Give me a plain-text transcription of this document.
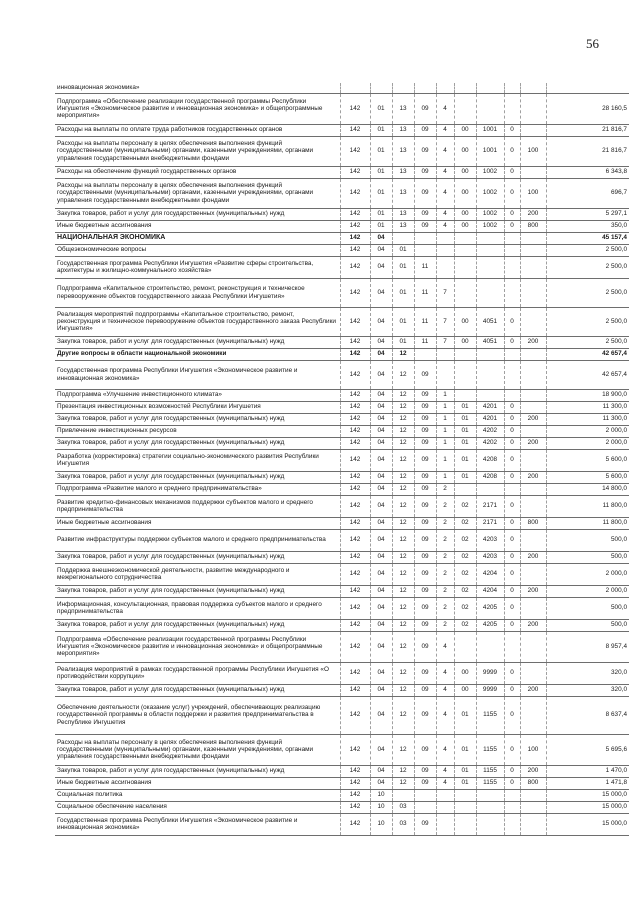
56
инновационная экономика»										
Подпрограмма «Обеспечение реализации государственной программы Республики Ингушетия «Экономическое развитие и инновационная экономика» и общепрограммные мероприятия»	142	01	13	09	4					28 160,5
Расходы на выплаты по оплате труда работников государственных органов	142	01	13	09	4	00	1001	0		21 816,7
Расходы на выплаты персоналу в целях обеспечения выполнения функций государственными (муниципальными) органами, казенными учреждениями, органами управления государственными внебюджетными фондами	142	01	13	09	4	00	1001	0	100	21 816,7
Расходы на обеспечение функций государственных органов	142	01	13	09	4	00	1002	0		6 343,8
Расходы на выплаты персоналу в целях обеспечения выполнения функций государственными (муниципальными) органами, казенными учреждениями, органами управления государственными внебюджетными фондами	142	01	13	09	4	00	1002	0	100	696,7
Закупка товаров, работ и услуг для государственных (муниципальных) нужд	142	01	13	09	4	00	1002	0	200	5 297,1
Иные бюджетные ассигнования	142	01	13	09	4	00	1002	0	800	350,0
НАЦИОНАЛЬНАЯ ЭКОНОМИКА	142	04								45 157,4
Общеэкономические вопросы	142	04	01							2 500,0
Государственная программа Республики Ингушетия «Развитие сферы строительства, архитектуры и жилищно-коммунального хозяйства»	142	04	01	11						2 500,0
Подпрограмма «Капитальное строительство, ремонт, реконструкция и техническое перевооружение объектов государственного заказа Республики Ингушетия»	142	04	01	11	7					2 500,0
Реализация мероприятий подпрограммы «Капитальное строительство, ремонт, реконструкция и техническое перевооружение объектов государственного заказа Республики Ингушетия»	142	04	01	11	7	00	4051	0		2 500,0
Закупка товаров, работ и услуг для государственных (муниципальных) нужд	142	04	01	11	7	00	4051	0	200	2 500,0
Другие вопросы в области национальной экономики	142	04	12							42 657,4
Государственная программа Республики Ингушетия «Экономическое развитие и инновационная экономика»	142	04	12	09						42 657,4
Подпрограмма «Улучшение инвестиционного климата»	142	04	12	09	1					18 900,0
Презентация инвестиционных возможностей Республики Ингушетия	142	04	12	09	1	01	4201	0		11 300,0
Закупка товаров, работ и услуг для государственных (муниципальных) нужд	142	04	12	09	1	01	4201	0	200	11 300,0
Привлечение инвестиционных ресурсов	142	04	12	09	1	01	4202	0		2 000,0
Закупка товаров, работ и услуг для государственных (муниципальных) нужд	142	04	12	09	1	01	4202	0	200	2 000,0
Разработка (корректировка) стратегии социально-экономического развития Республики Ингушетия	142	04	12	09	1	01	4208	0		5 600,0
Закупка товаров, работ и услуг для государственных (муниципальных) нужд	142	04	12	09	1	01	4208	0	200	5 600,0
Подпрограмма «Развитие малого и среднего предпринимательства»	142	04	12	09	2					14 800,0
Развитие кредитно-финансовых механизмов поддержки субъектов малого и среднего предпринимательства	142	04	12	09	2	02	2171	0		11 800,0
Иные бюджетные ассигнования	142	04	12	09	2	02	2171	0	800	11 800,0
Развитие инфраструктуры поддержки субъектов малого и среднего предпринимательства	142	04	12	09	2	02	4203	0		500,0
Закупка товаров, работ и услуг для государственных (муниципальных) нужд	142	04	12	09	2	02	4203	0	200	500,0
Поддержка внешнеэкономической деятельности, развитие международного и межрегионального сотрудничества	142	04	12	09	2	02	4204	0		2 000,0
Закупка товаров, работ и услуг для государственных (муниципальных) нужд	142	04	12	09	2	02	4204	0	200	2 000,0
Информационная, консультационная, правовая поддержка субъектов малого и среднего предпринимательства	142	04	12	09	2	02	4205	0		500,0
Закупка товаров, работ и услуг для государственных (муниципальных) нужд	142	04	12	09	2	02	4205	0	200	500,0
Подпрограмма «Обеспечение реализации государственной программы Республики Ингушетия «Экономическое развитие и инновационная экономика» и общепрограммные мероприятия»	142	04	12	09	4					8 957,4
Реализация мероприятий в рамках государственной программы Республики Ингушетия «О противодействии коррупции»	142	04	12	09	4	00	9999	0		320,0
Закупка товаров, работ и услуг для государственных (муниципальных) нужд	142	04	12	09	4	00	9999	0	200	320,0
Обеспечение деятельности (оказание услуг) учреждений, обеспечивающих реализацию государственной программы в области поддержки и развития предпринимательства в Республике Ингушетия	142	04	12	09	4	01	1155	0		8 637,4
Расходы на выплаты персоналу в целях обеспечения выполнения функций государственными (муниципальными) органами, казенными учреждениями, органами управления государственными внебюджетными фондами	142	04	12	09	4	01	1155	0	100	5 695,6
Закупка товаров, работ и услуг для государственных (муниципальных) нужд	142	04	12	09	4	01	1155	0	200	1 470,0
Иные бюджетные ассигнования	142	04	12	09	4	01	1155	0	800	1 471,8
Социальная политика	142	10								15 000,0
Социальное обеспечение населения	142	10	03							15 000,0
Государственная программа Республики Ингушетия «Экономическое развитие и инновационная экономика»	142	10	03	09						15 000,0
